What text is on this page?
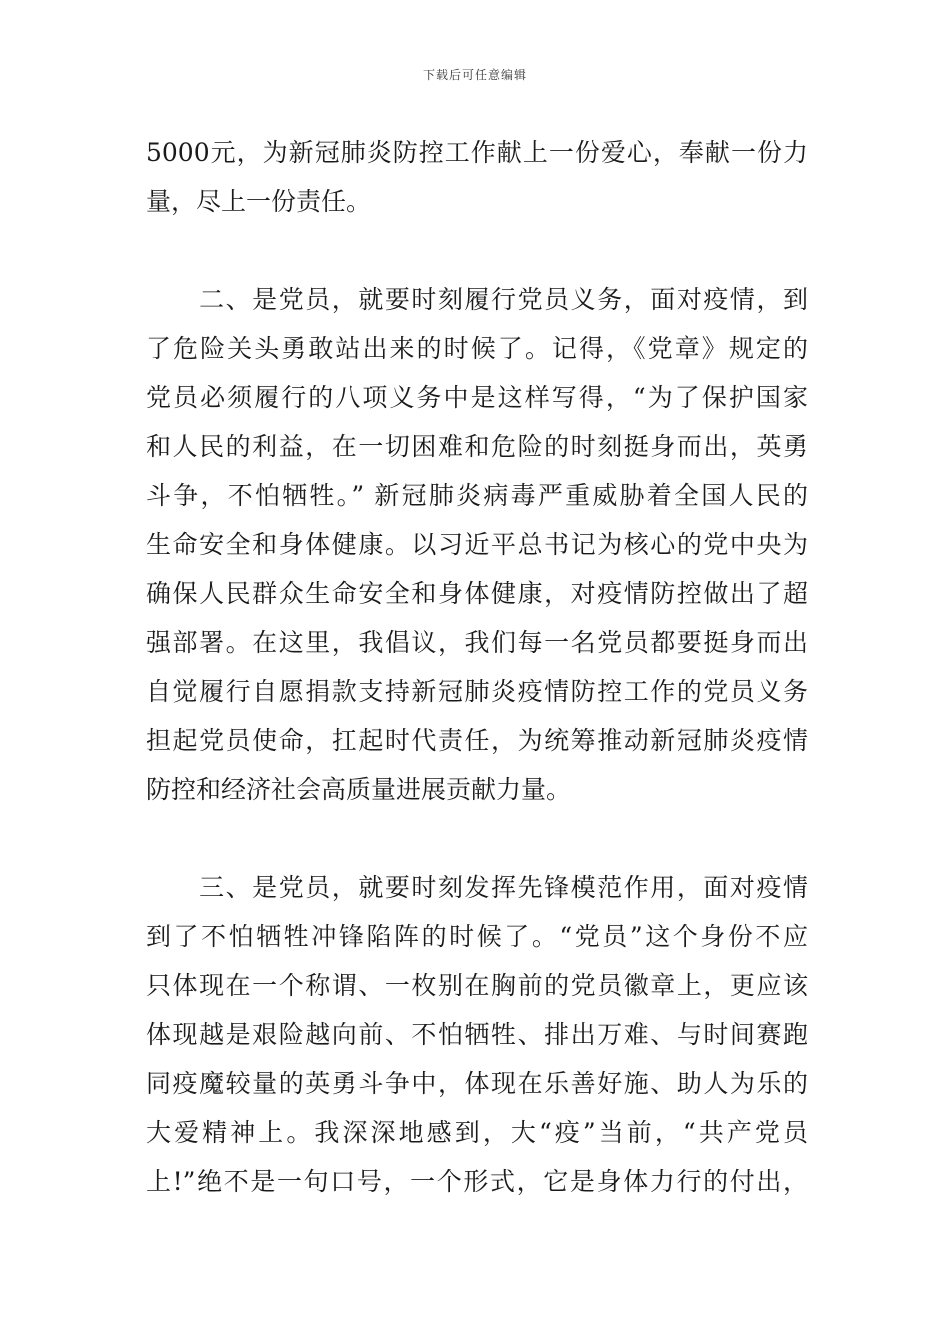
下载后可任意编辑
5000元，为新冠肺炎防控工作献上一份爱心，奉献一份力
量，尽上一份责任。
　　二、是党员，就要时刻履行党员义务，面对疫情，到
了危险关头勇敢站出来的时候了。记得，《党章》规定的
党员必须履行的八项义务中是这样写得，“为了保护国家
和人民的利益，在一切困难和危险的时刻挺身而出，英勇
斗争，不怕牺牲。” 新冠肺炎病毒严重威胁着全国人民的
生命安全和身体健康。以习近平总书记为核心的党中央为
确保人民群众生命安全和身体健康，对疫情防控做出了超
强部署。在这里，我倡议，我们每一名党员都要挺身而出
自觉履行自愿捐款支持新冠肺炎疫情防控工作的党员义务
担起党员使命，扛起时代责任，为统筹推动新冠肺炎疫情
防控和经济社会高质量进展贡献力量。
　　三、是党员，就要时刻发挥先锋模范作用，面对疫情
到了不怕牺牲冲锋陷阵的时候了。“党员”这个身份不应
只体现在一个称谓、一枚别在胸前的党员徽章上，更应该
体现越是艰险越向前、不怕牺牲、排出万难、与时间赛跑
同疫魔较量的英勇斗争中，体现在乐善好施、助人为乐的
大爱精神上。我深深地感到，大“疫”当前，“共产党员
上!”绝不是一句口号，一个形式，它是身体力行的付出，
